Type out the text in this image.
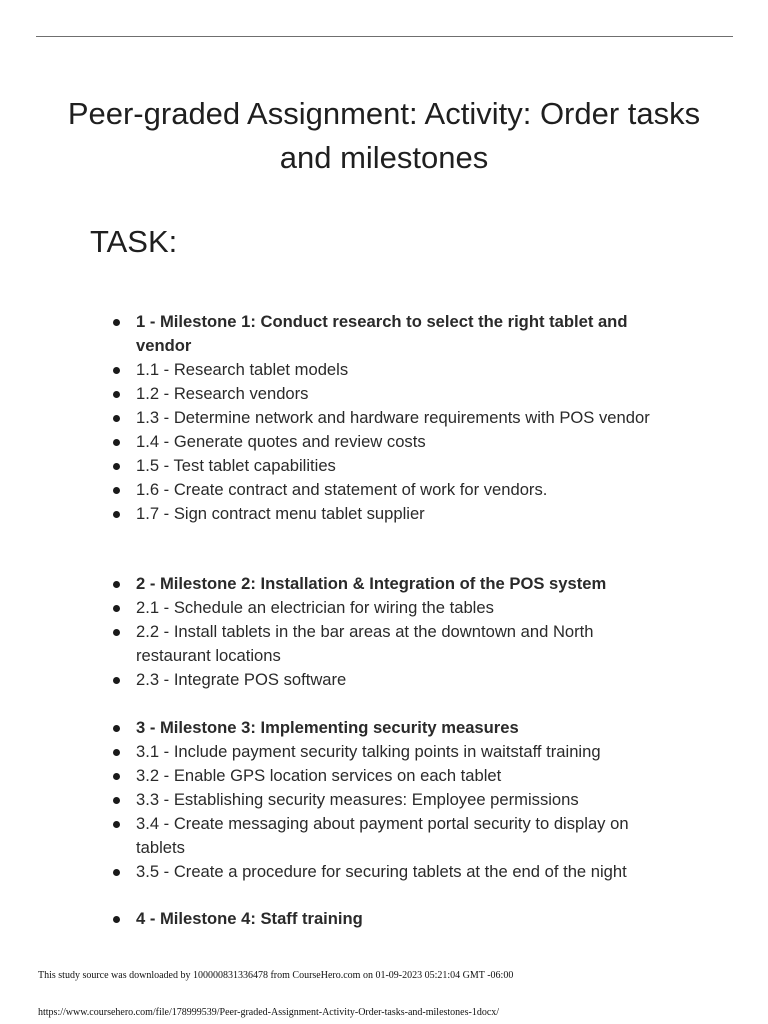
Peer-graded Assignment: Activity: Order tasks and milestones
TASK:
1 - Milestone 1: Conduct research to select the right tablet and vendor
1.1 - Research tablet models
1.2 - Research vendors
1.3 - Determine network and hardware requirements with POS vendor
1.4 - Generate quotes and review costs
1.5 - Test tablet capabilities
1.6 - Create contract and statement of work for vendors.
1.7 - Sign contract menu tablet supplier
2 - Milestone 2: Installation & Integration of the POS system
2.1 - Schedule an electrician for wiring the tables
2.2 - Install tablets in the bar areas at the downtown and North restaurant locations
2.3 - Integrate POS software
3 - Milestone 3: Implementing security measures
3.1 - Include payment security talking points in waitstaff training
3.2 - Enable GPS location services on each tablet
3.3 - Establishing security measures: Employee permissions
3.4 - Create messaging about payment portal security to display on tablets
3.5 - Create a procedure for securing tablets at the end of the night
4 - Milestone 4: Staff training

This study source was downloaded by 100000831336478 from CourseHero.com on 01-09-2023 05:21:04 GMT -06:00

https://www.coursehero.com/file/178999539/Peer-graded-Assignment-Activity-Order-tasks-and-milestones-1docx/
